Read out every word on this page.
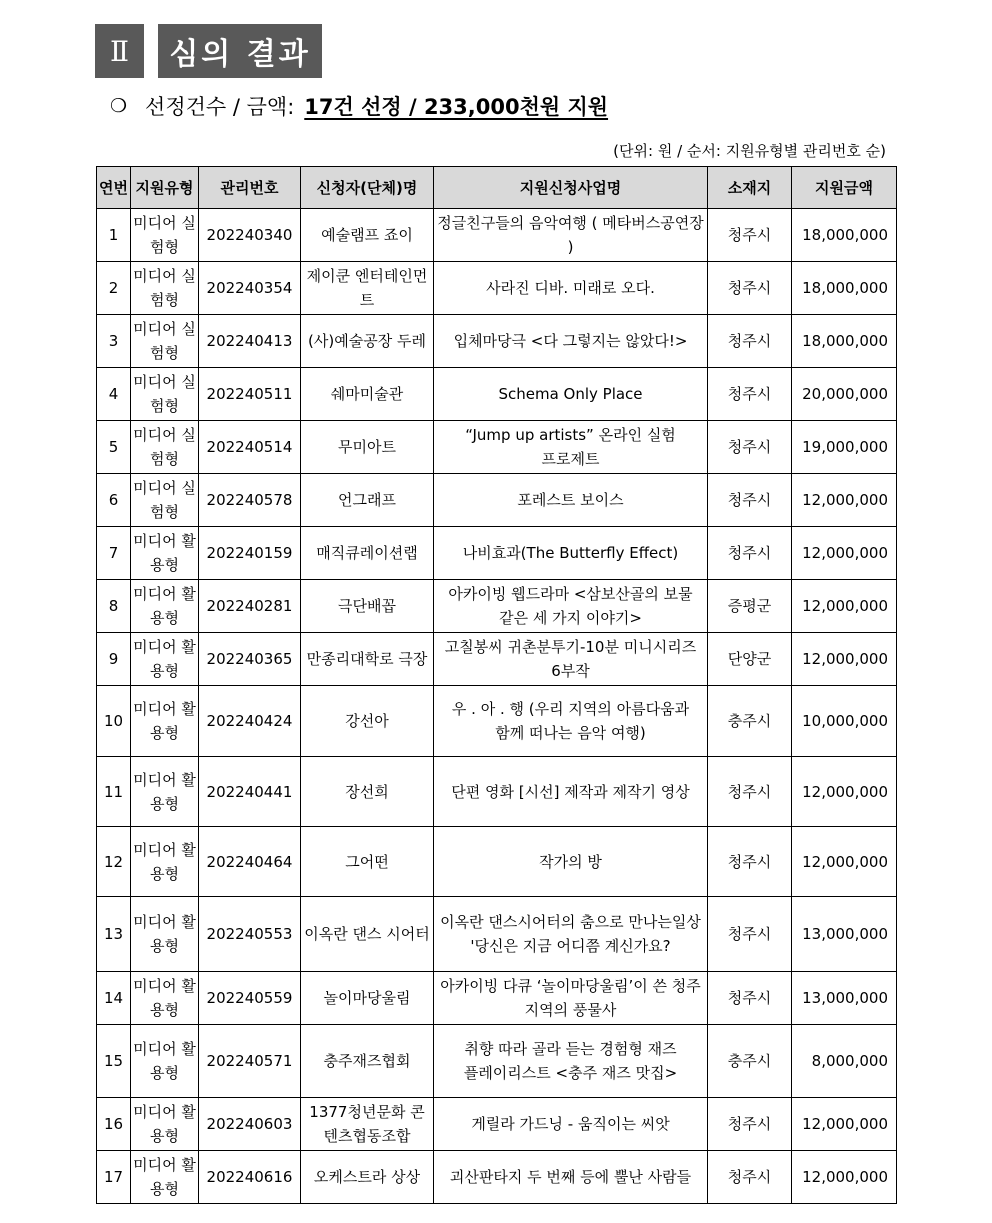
Ⅱ	심의 결과
❍ 선정건수 / 금액: 17건 선정 / 233,000천원 지원
(단위: 원 / 순서: 지원유형별 관리번호 순)
연번	지원유형	관리번호	신청자(단체)명	지원신청사업명	소재지	지원금액
1	미디어 실험형	202240340	예술램프 죠이	정글친구들의 음악여행 ( 메타버스공연장 )	청주시	18,000,000
2	미디어 실험형	202240354	제이쿤 엔터테인먼트	사라진 디바. 미래로 오다.	청주시	18,000,000
3	미디어 실험형	202240413	(사)예술공장 두레	입체마당극 <다 그렇지는 않았다!>	청주시	18,000,000
4	미디어 실험형	202240511	쉐마미술관	Schema Only Place	청주시	20,000,000
5	미디어 실험형	202240514	무미아트	“Jump up artists” 온라인 실험 프로제트	청주시	19,000,000
6	미디어 실험형	202240578	언그래프	포레스트 보이스	청주시	12,000,000
7	미디어 활용형	202240159	매직큐레이션랩	나비효과(The Butterfly Effect)	청주시	12,000,000
8	미디어 활용형	202240281	극단배꼽	아카이빙 웹드라마 <삼보산골의 보물 같은 세 가지 이야기>	증평군	12,000,000
9	미디어 활용형	202240365	만종리대학로 극장	고칠봉씨 귀촌분투기-10분 미니시리즈 6부작	단양군	12,000,000
10	미디어 활용형	202240424	강선아	우 . 아 . 행 (우리 지역의 아름다움과 함께 떠나는 음악 여행)	충주시	10,000,000
11	미디어 활용형	202240441	장선희	단편 영화 [시선] 제작과 제작기 영상	청주시	12,000,000
12	미디어 활용형	202240464	그어떤	작가의 방	청주시	12,000,000
13	미디어 활용형	202240553	이옥란 댄스 시어터	이옥란 댄스시어터의 춤으로 만나는일상 '당신은 지금 어디쯤 계신가요?	청주시	13,000,000
14	미디어 활용형	202240559	놀이마당울림	아카이빙 다큐 ‘놀이마당울림’이 쓴 청주 지역의 풍물사	청주시	13,000,000
15	미디어 활용형	202240571	충주재즈협회	취향 따라 골라 듣는 경험형 재즈 플레이리스트 <충주 재즈 맛집>	충주시	8,000,000
16	미디어 활용형	202240603	1377청년문화 콘텐츠협동조합	게릴라 가드닝 - 움직이는 씨앗	청주시	12,000,000
17	미디어 활용형	202240616	오케스트라 상상	괴산판타지 두 번째 등에 뿔난 사람들	청주시	12,000,000
